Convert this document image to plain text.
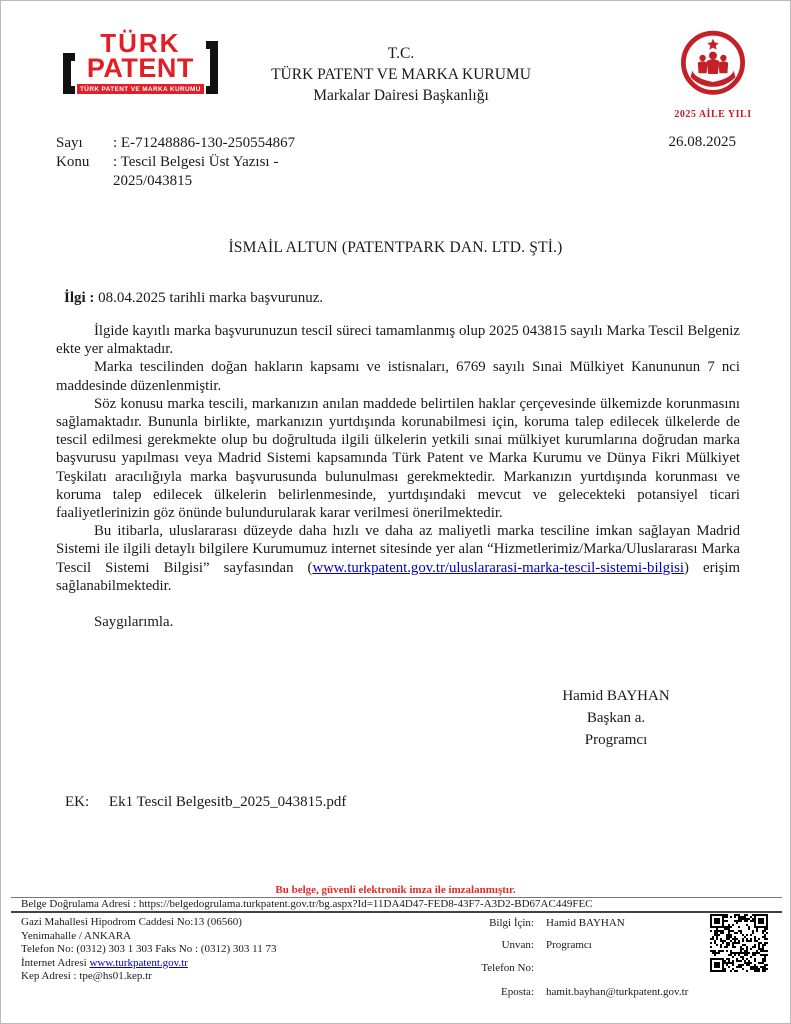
TÜRK
PATENT
TÜRK PATENT VE MARKA KURUMU
T.C.
TÜRK PATENT VE MARKA KURUMU
Markalar Dairesi Başkanlığı
2025 AİLE YILI
Sayı	: E-71248886-130-250554867
Konu	: Tescil Belgesi Üst Yazısı -
2025/043815
26.08.2025
İSMAİL ALTUN (PATENTPARK DAN. LTD. ŞTİ.)
İlgi : 08.04.2025 tarihli marka başvurunuz.

İlgide kayıtlı marka başvurunuzun tescil süreci tamamlanmış olup 2025 043815 sayılı Marka Tescil Belgeniz ekte yer almaktadır.

Marka tescilinden doğan hakların kapsamı ve istisnaları, 6769 sayılı Sınai Mülkiyet Kanununun 7 nci maddesinde düzenlenmiştir.

Söz konusu marka tescili, markanızın anılan maddede belirtilen haklar çerçevesinde ülkemizde korunmasını sağlamaktadır. Bununla birlikte, markanızın yurtdışında korunabilmesi için, koruma talep edilecek ülkelerde de tescil edilmesi gerekmekte olup bu doğrultuda ilgili ülkelerin yetkili sınai mülkiyet kurumlarına doğrudan marka başvurusu yapılması veya Madrid Sistemi kapsamında Türk Patent ve Marka Kurumu ve Dünya Fikri Mülkiyet Teşkilatı aracılığıyla marka başvurusunda bulunulması gerekmektedir. Markanızın yurtdışında korunması ve koruma talep edilecek ülkelerin belirlenmesinde, yurtdışındaki mevcut ve gelecekteki potansiyel ticari faaliyetlerinizin göz önünde bulundurularak karar verilmesi önerilmektedir.

Bu itibarla, uluslararası düzeyde daha hızlı ve daha az maliyetli marka tesciline imkan sağlayan Madrid Sistemi ile ilgili detaylı bilgilere Kurumumuz internet sitesinde yer alan “Hizmetlerimiz/Marka/Uluslararası Marka Tescil Sistemi Bilgisi” sayfasından (www.turkpatent.gov.tr/uluslararasi-marka-tescil-sistemi-bilgisi) erişim sağlanabilmektedir.

Saygılarımla.

Hamid BAYHAN
Başkan a.
Programcı
EK: Ek1 Tescil Belgesitb_2025_043815.pdf
Bu belge, güvenli elektronik imza ile imzalanmıştır.
Belge Doğrulama Adresi : https://belgedogrulama.turkpatent.gov.tr/bg.aspx?Id=11DA4D47-FED8-43F7-A3D2-BD67AC449FEC
Gazi Mahallesi Hipodrom Caddesi No:13 (06560)
Yenimahalle / ANKARA
Telefon No: (0312) 303 1 303 Faks No : (0312) 303 11 73
İnternet Adresi www.turkpatent.gov.tr
Kep Adresi : tpe@hs01.kep.tr
Bilgi İçin:	Hamid BAYHAN
Unvan:	Programcı
Telefon No:
Eposta:	hamit.bayhan@turkpatent.gov.tr
